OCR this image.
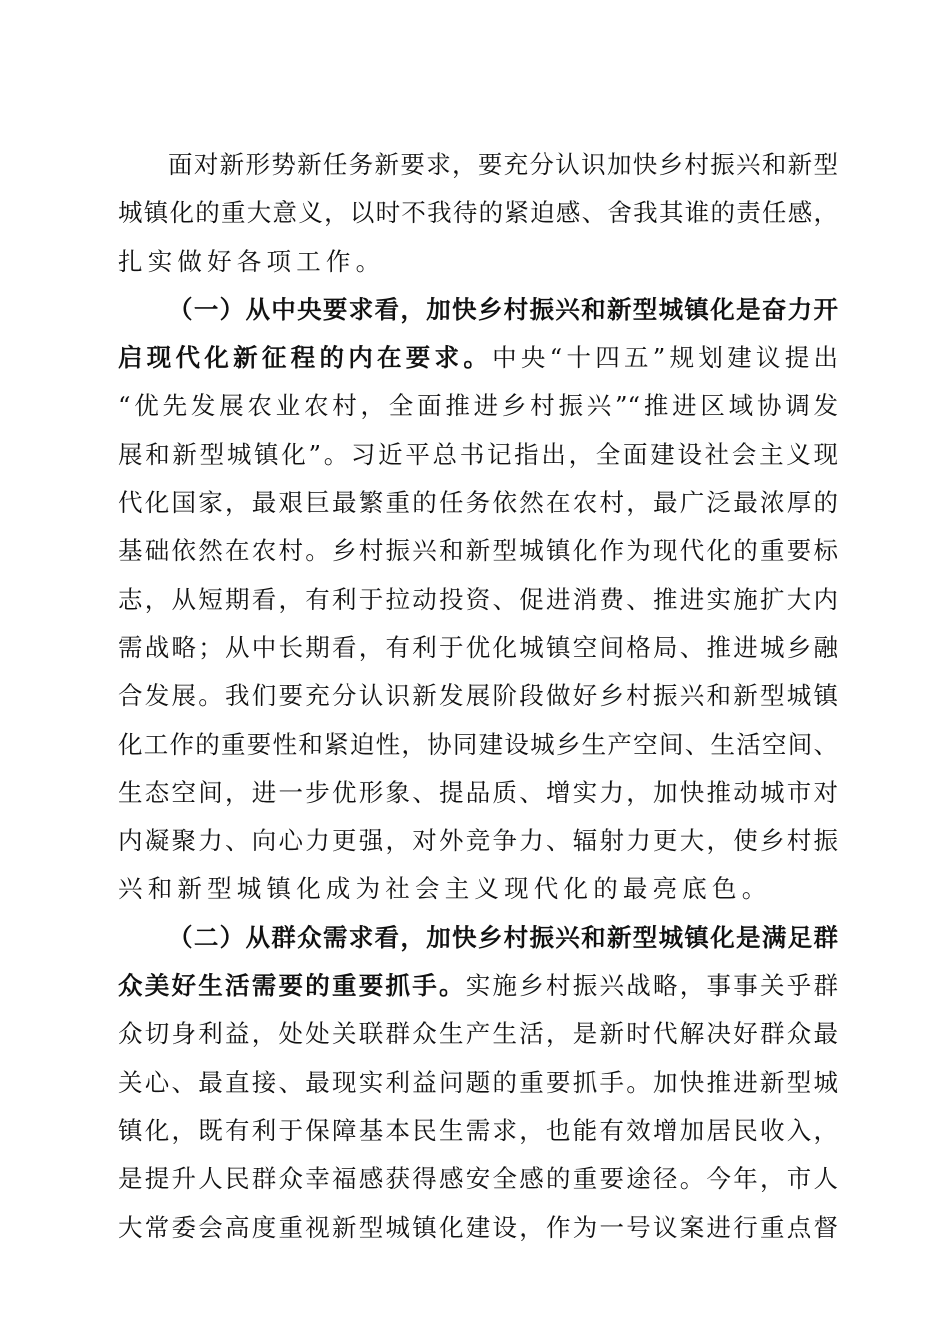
面对新形势新任务新要求，要充分认识加快乡村振兴和新型
城镇化的重大意义，以时不我待的紧迫感、舍我其谁的责任感，
扎实做好各项工作。
（一）从中央要求看，加快乡村振兴和新型城镇化是奋力开
启现代化新征程的内在要求。中央“十四五”规划建议提出
“优先发展农业农村，全面推进乡村振兴”“推进区域协调发
展和新型城镇化”。习近平总书记指出，全面建设社会主义现
代化国家，最艰巨最繁重的任务依然在农村，最广泛最浓厚的
基础依然在农村。乡村振兴和新型城镇化作为现代化的重要标
志，从短期看，有利于拉动投资、促进消费、推进实施扩大内
需战略；从中长期看，有利于优化城镇空间格局、推进城乡融
合发展。我们要充分认识新发展阶段做好乡村振兴和新型城镇
化工作的重要性和紧迫性，协同建设城乡生产空间、生活空间、
生态空间，进一步优形象、提品质、增实力，加快推动城市对
内凝聚力、向心力更强，对外竞争力、辐射力更大，使乡村振
兴和新型城镇化成为社会主义现代化的最亮底色。
（二）从群众需求看，加快乡村振兴和新型城镇化是满足群
众美好生活需要的重要抓手。实施乡村振兴战略，事事关乎群
众切身利益，处处关联群众生产生活，是新时代解决好群众最
关心、最直接、最现实利益问题的重要抓手。加快推进新型城
镇化，既有利于保障基本民生需求，也能有效增加居民收入，
是提升人民群众幸福感获得感安全感的重要途径。今年，市人
大常委会高度重视新型城镇化建设，作为一号议案进行重点督
